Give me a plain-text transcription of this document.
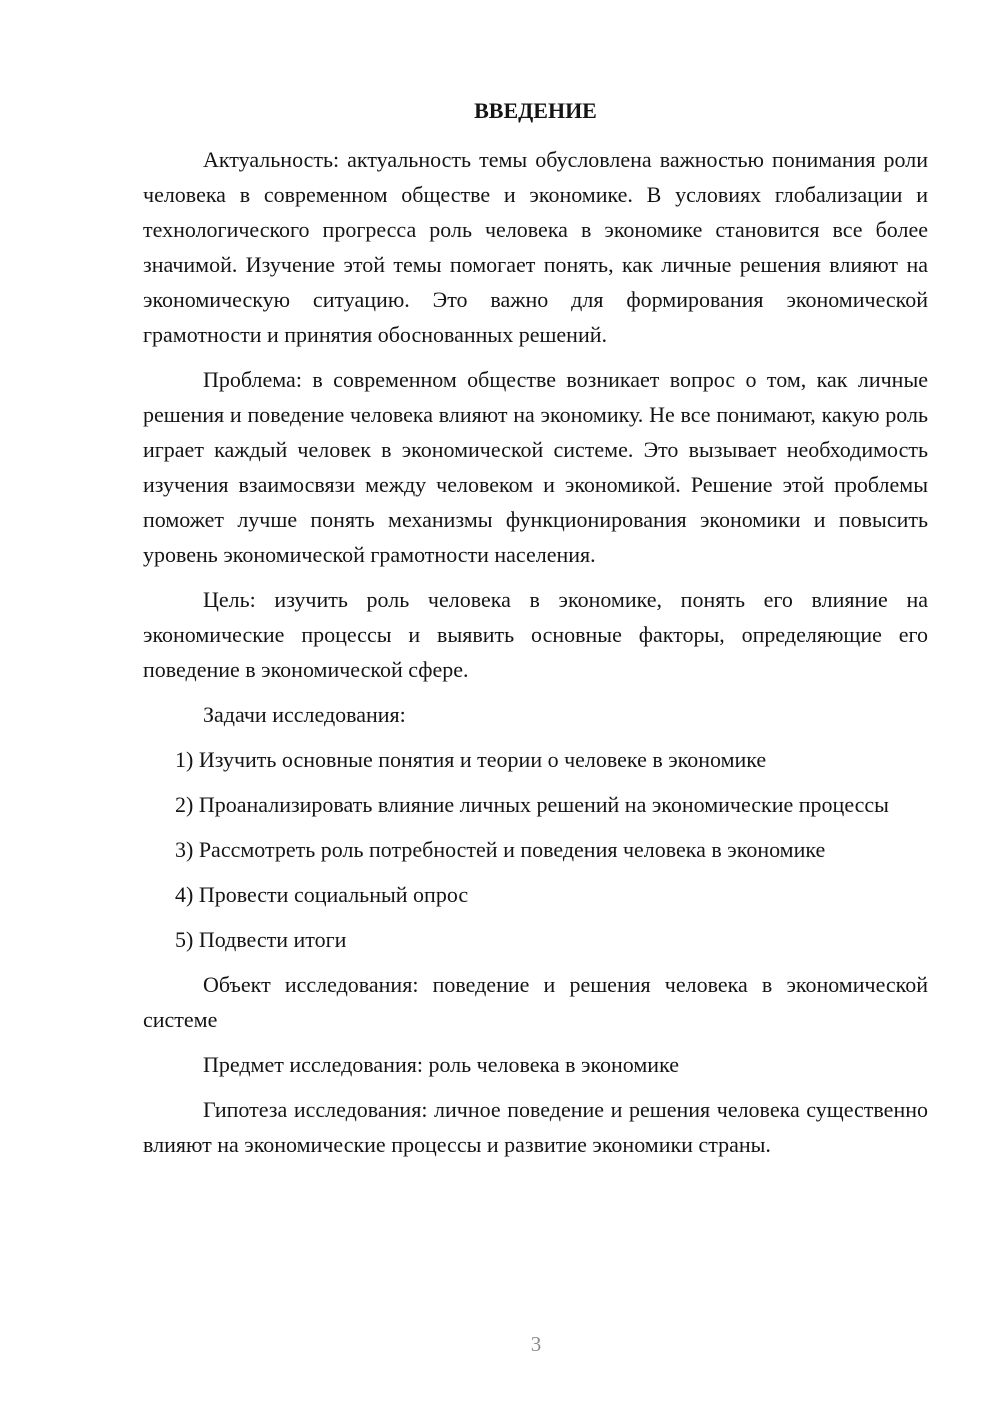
ВВЕДЕНИЕ

Актуальность: актуальность темы обусловлена важностью понимания роли человека в современном обществе и экономике. В условиях глобализации и технологического прогресса роль человека в экономике становится все более значимой. Изучение этой темы помогает понять, как личные решения влияют на экономическую ситуацию. Это важно для формирования экономической грамотности и принятия обоснованных решений.

Проблема: в современном обществе возникает вопрос о том, как личные решения и поведение человека влияют на экономику. Не все понимают, какую роль играет каждый человек в экономической системе. Это вызывает необходимость изучения взаимосвязи между человеком и экономикой. Решение этой проблемы поможет лучше понять механизмы функционирования экономики и повысить уровень экономической грамотности населения.

Цель: изучить роль человека в экономике, понять его влияние на экономические процессы и выявить основные факторы, определяющие его поведение в экономической сфере.

Задачи исследования:

1) Изучить основные понятия и теории о человеке в экономике

2) Проанализировать влияние личных решений на экономические процессы

3) Рассмотреть роль потребностей и поведения человека в экономике

4) Провести социальный опрос

5) Подвести итоги

Объект исследования: поведение и решения человека в экономической системе

Предмет исследования: роль человека в экономике

Гипотеза исследования: личное поведение и решения человека существенно влияют на экономические процессы и развитие экономики страны.

3
